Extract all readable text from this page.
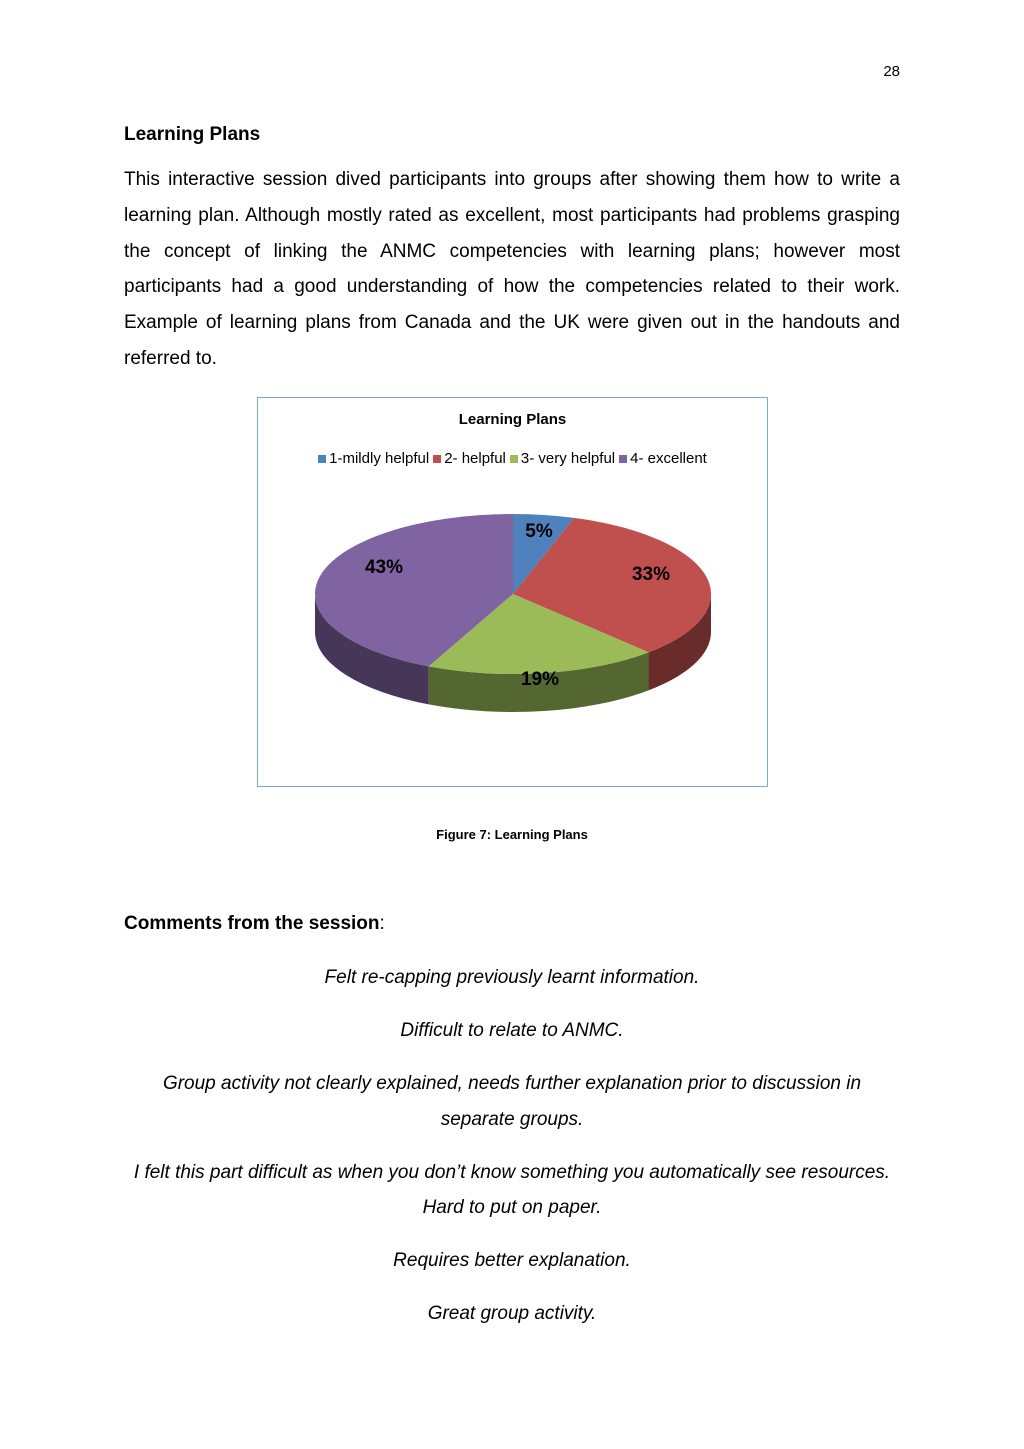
28
Learning Plans
This interactive session dived participants into groups after showing them how to write a learning plan. Although mostly rated as excellent, most participants had problems grasping the concept of linking the ANMC competencies with learning plans; however most participants had a good understanding of how the competencies related to their work. Example of learning plans from Canada and the UK were given out in the handouts and referred to.
Learning Plans
1-mildly helpful 2- helpful 3- very helpful 4- excellent
5%
33%
19%
43%
Figure 7: Learning Plans
Comments from the session:

Felt re-capping previously learnt information.

Difficult to relate to ANMC.

Group activity not clearly explained, needs further explanation prior to discussion in separate groups.

I felt this part difficult as when you don’t know something you automatically see resources. Hard to put on paper.

Requires better explanation.

Great group activity.
